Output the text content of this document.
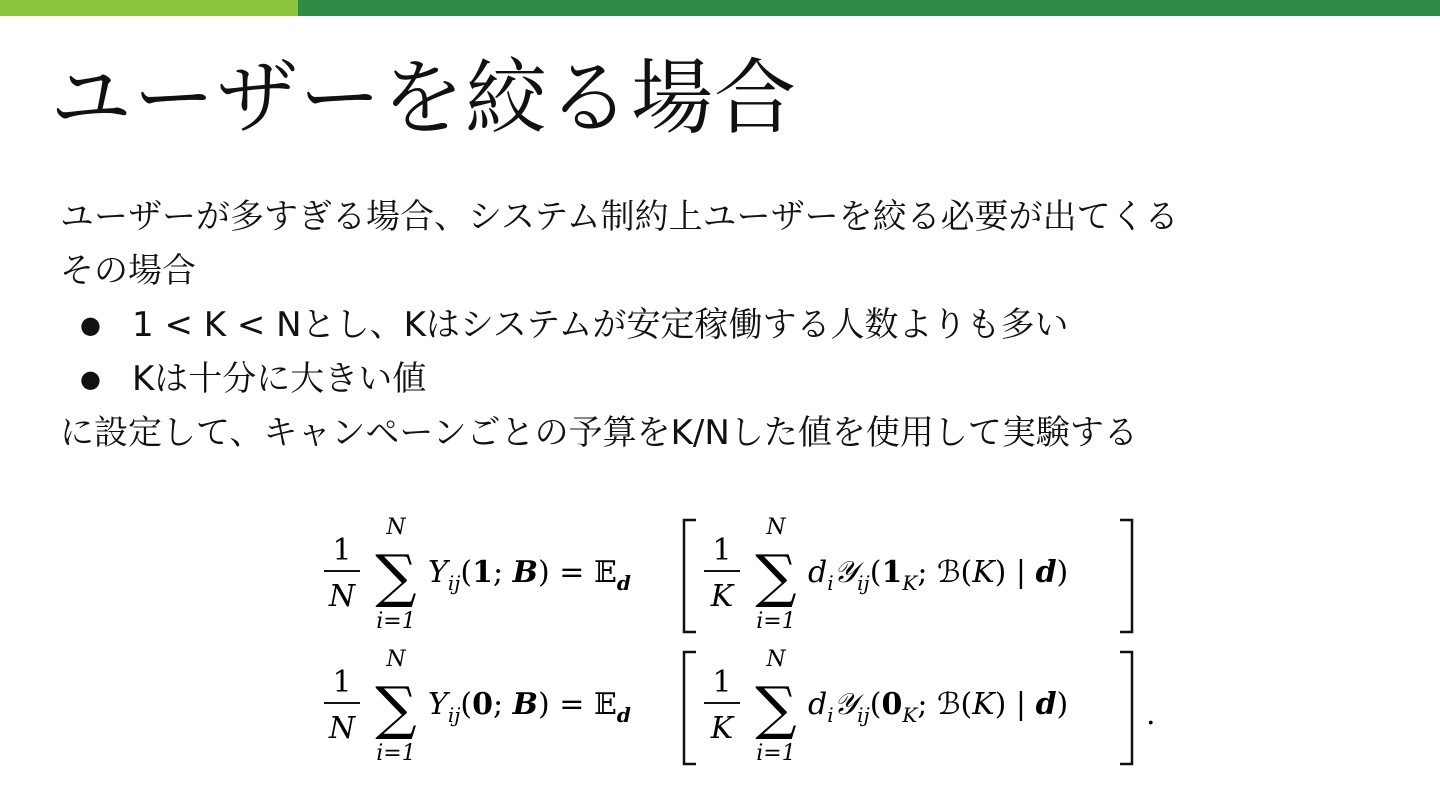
ユーザーを絞る場合

ユーザーが多すぎる場合、システム制約上ユーザーを絞る必要が出てくる

その場合

● 1 < K < Nとし、Kはシステムが安定稼働する人数よりも多い
● Kは十分に大きい値

に設定して、キャンペーンごとの予算をK/Nした値を使用して実験する

1
N
N
∑
i=1
$Y_{ij}(1$; B) = 𝔼$_d$
1
K
N
∑
i=1
$d_i𝒴_{ij}(1_K$; ℬ(K) | d)
1
N
N
∑
i=1
$Y_{ij}(0$; B) = 𝔼$_d$
1
K
N
∑
i=1
$d_i𝒴_{ij}(0_K$; ℬ(K) | d)	.
